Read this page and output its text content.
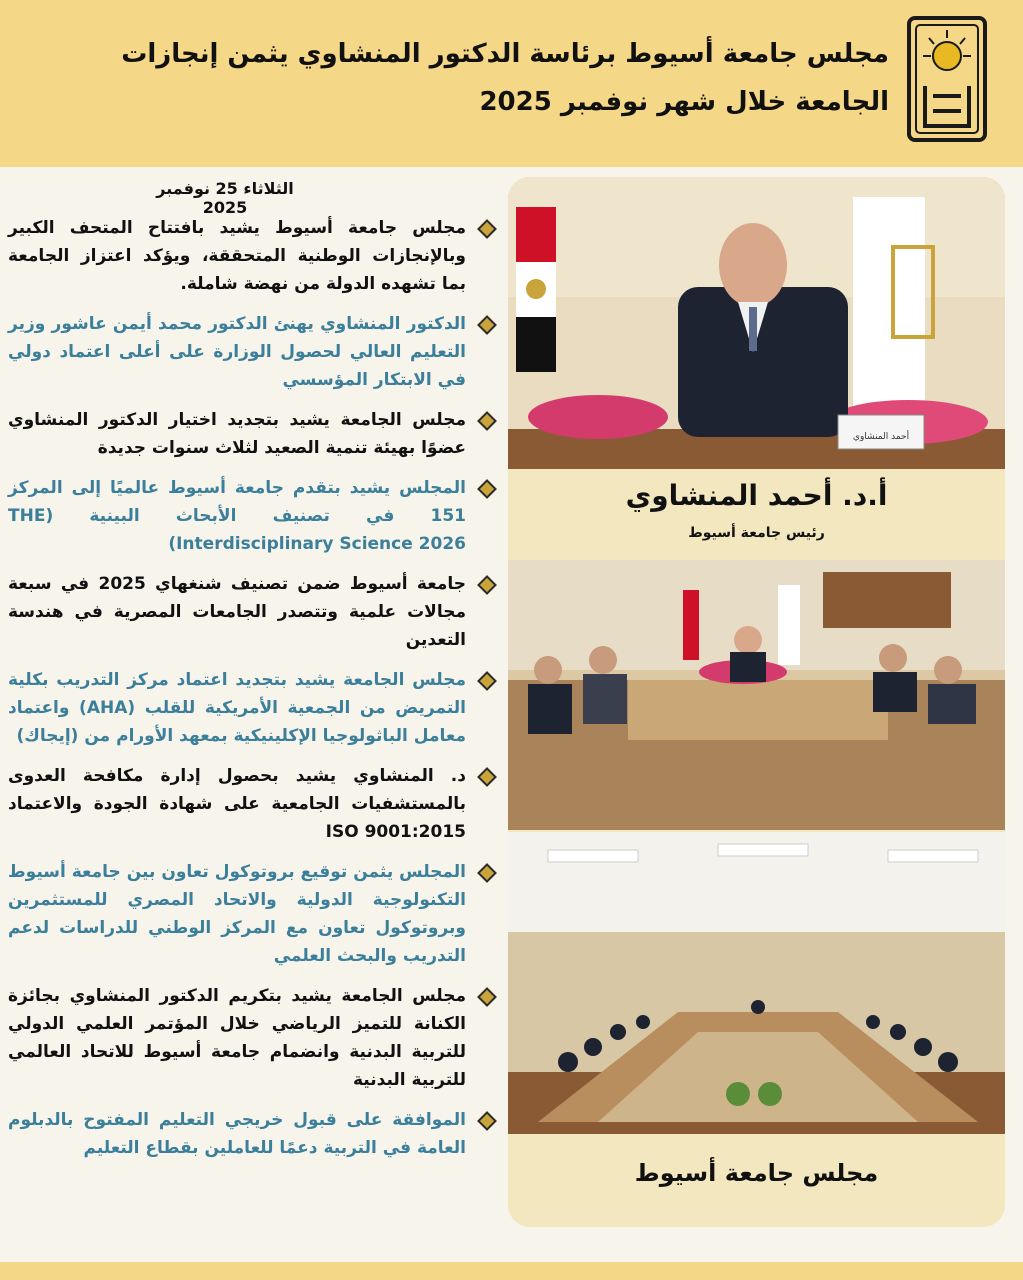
مجلس جامعة أسيوط برئاسة الدكتور المنشاوي يثمن إنجازات الجامعة خلال شهر نوفمبر 2025
الثلاثاء 25 نوفمبر 2025
مجلس جامعة أسيوط يشيد بافتتاح المتحف الكبير وبالإنجازات الوطنية المتحققة، ويؤكد اعتزاز الجامعة بما تشهده الدولة من نهضة شاملة.
الدكتور المنشاوي يهنئ الدكتور محمد أيمن عاشور وزير التعليم العالي لحصول الوزارة على أعلى اعتماد دولي في الابتكار المؤسسي
مجلس الجامعة يشيد بتجديد اختيار الدكتور المنشاوي عضوًا بهيئة تنمية الصعيد لثلاث سنوات جديدة
المجلس يشيد بتقدم جامعة أسيوط عالميًا إلى المركز 151 في تصنيف الأبحاث البينية (THE Interdisciplinary Science 2026)
جامعة أسيوط ضمن تصنيف شنغهاي 2025 في سبعة مجالات علمية وتتصدر الجامعات المصرية في هندسة التعدين
مجلس الجامعة يشيد بتجديد اعتماد مركز التدريب بكلية التمريض من الجمعية الأمريكية للقلب (AHA) واعتماد معامل الباثولوجيا الإكلينيكية بمعهد الأورام من (إيجاك)
د. المنشاوي يشيد بحصول إدارة مكافحة العدوى بالمستشفيات الجامعية على شهادة الجودة والاعتماد ISO 9001:2015
المجلس يثمن توقيع بروتوكول تعاون بين جامعة أسيوط التكنولوجية الدولية والاتحاد المصري للمستثمرين وبروتوكول تعاون مع المركز الوطني للدراسات لدعم التدريب والبحث العلمي
مجلس الجامعة يشيد بتكريم الدكتور المنشاوي بجائزة الكنانة للتميز الرياضي خلال المؤتمر العلمي الدولي للتربية البدنية وانضمام جامعة أسيوط للاتحاد العالمي للتربية البدنية
الموافقة على قبول خريجي التعليم المفتوح بالدبلوم العامة في التربية دعمًا للعاملين بقطاع التعليم
أحمد المنشاوي
أ.د. أحمد المنشاوي
رئيس جامعة أسيوط
مجلس جامعة أسيوط
